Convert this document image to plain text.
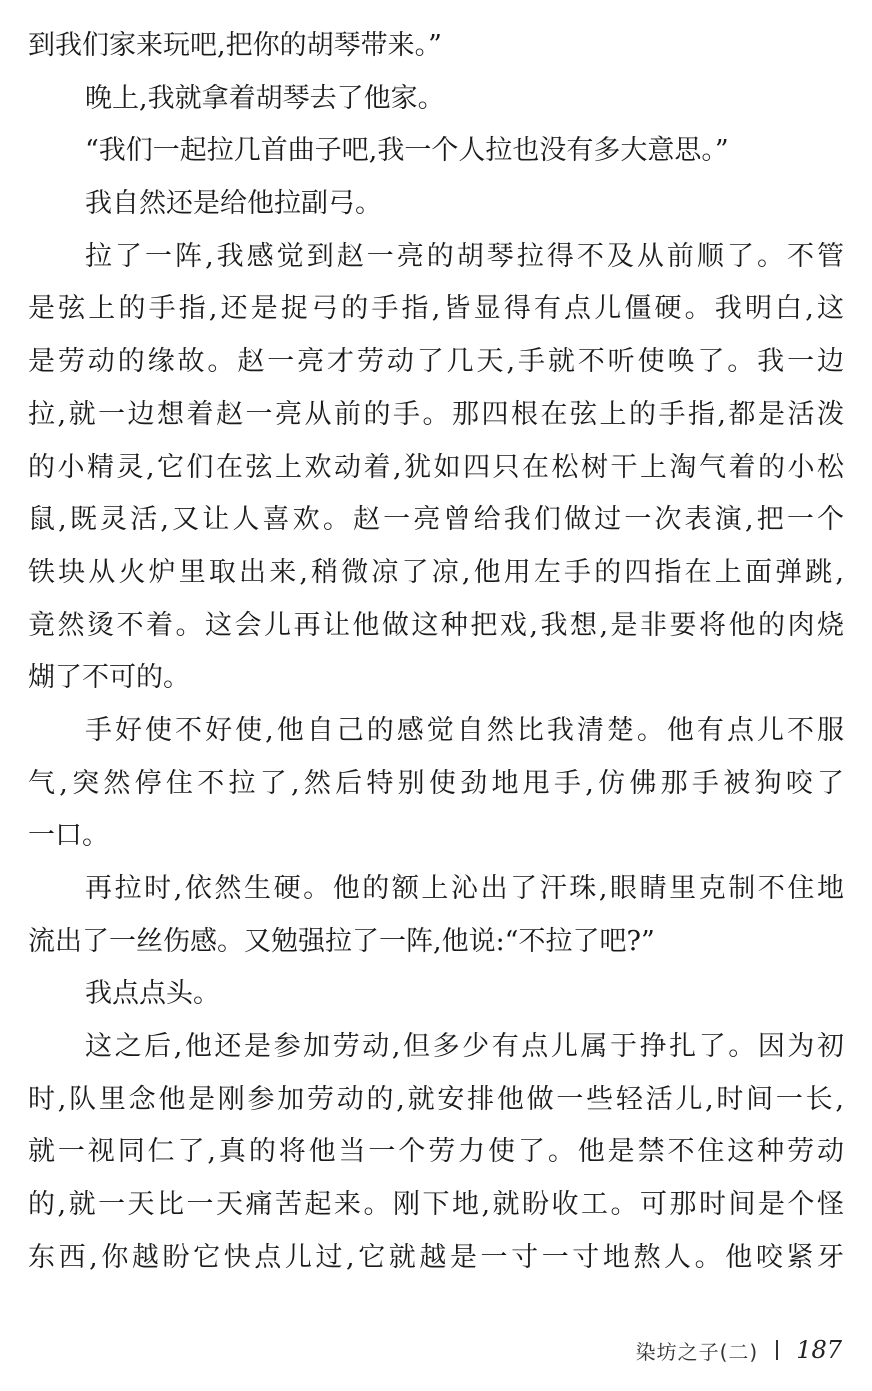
到我们家来玩吧,把你的胡琴带来。”
晚上,我就拿着胡琴去了他家。
“我们一起拉几首曲子吧,我一个人拉也没有多大意思。”
我自然还是给他拉副弓。
拉了一阵,我感觉到赵一亮的胡琴拉得不及从前顺了。不管
是弦上的手指,还是捉弓的手指,皆显得有点儿僵硬。我明白,这
是劳动的缘故。赵一亮才劳动了几天,手就不听使唤了。我一边
拉,就一边想着赵一亮从前的手。那四根在弦上的手指,都是活泼
的小精灵,它们在弦上欢动着,犹如四只在松树干上淘气着的小松
鼠,既灵活,又让人喜欢。赵一亮曾给我们做过一次表演,把一个
铁块从火炉里取出来,稍微凉了凉,他用左手的四指在上面弹跳,
竟然烫不着。这会儿再让他做这种把戏,我想,是非要将他的肉烧
煳了不可的。
手好使不好使,他自己的感觉自然比我清楚。他有点儿不服
气,突然停住不拉了,然后特别使劲地甩手,仿佛那手被狗咬了
一口。
再拉时,依然生硬。他的额上沁出了汗珠,眼睛里克制不住地
流出了一丝伤感。又勉强拉了一阵,他说:“不拉了吧?”
我点点头。
这之后,他还是参加劳动,但多少有点儿属于挣扎了。因为初
时,队里念他是刚参加劳动的,就安排他做一些轻活儿,时间一长,
就一视同仁了,真的将他当一个劳力使了。他是禁不住这种劳动
的,就一天比一天痛苦起来。刚下地,就盼收工。可那时间是个怪
东西,你越盼它快点儿过,它就越是一寸一寸地熬人。他咬紧牙
染坊之子(二) 187
